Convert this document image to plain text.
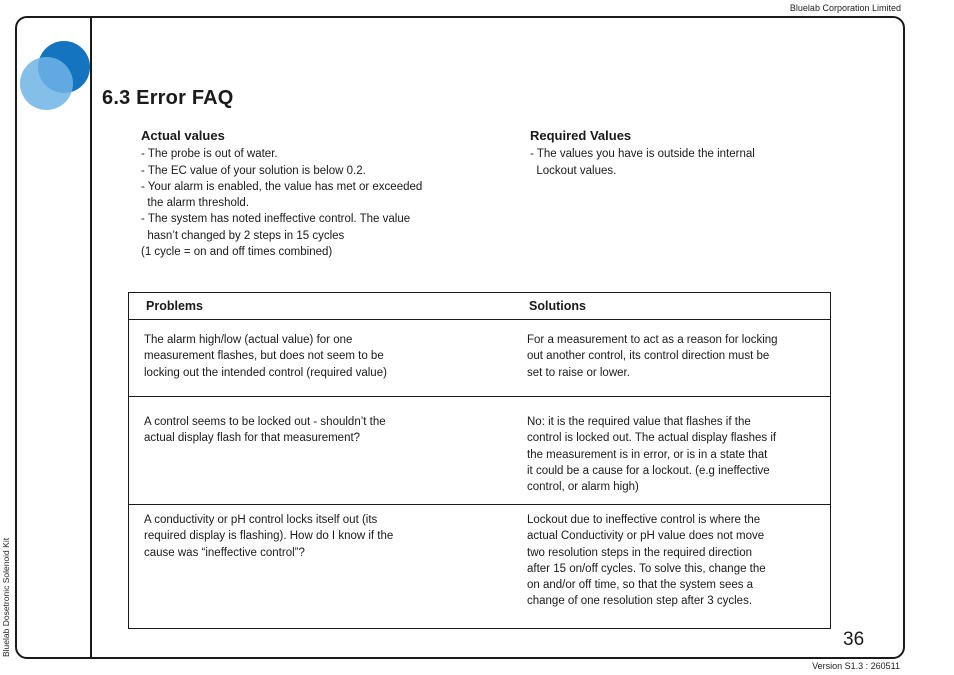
Bluelab Corporation Limited
Bluelab Dosetronic Solenoid Kit
6.3 Error FAQ
Actual values
- The probe is out of water.
- The EC value of your solution is below 0.2.
- Your alarm is enabled, the value has met or exceeded
the alarm threshold.
- The system has noted ineffective control. The value
hasn’t changed by 2 steps in 15 cycles
(1 cycle = on and off times combined)
Required Values
- The values you have is outside the internal
Lockout values.
Problems	Solutions
The alarm high/low (actual value) for one
measurement flashes, but does not seem to be
locking out the intended control (required value)
For a measurement to act as a reason for locking
out another control, its control direction must be
set to raise or lower.
A control seems to be locked out - shouldn’t the
actual display flash for that measurement?
No: it is the required value that flashes if the
control is locked out. The actual display flashes if
the measurement is in error, or is in a state that
it could be a cause for a lockout. (e.g ineffective
control, or alarm high)
A conductivity or pH control locks itself out (its
required display is flashing). How do I know if the
cause was “ineffective control”?
Lockout due to ineffective control is where the
actual Conductivity or pH value does not move
two resolution steps in the required direction
after 15 on/off cycles. To solve this, change the
on and/or off time, so that the system sees a
change of one resolution step after 3 cycles.
36
Version S1.3 : 260511
